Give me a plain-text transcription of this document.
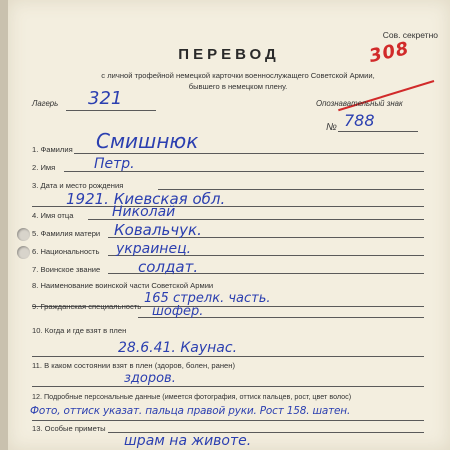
Сов. секретно
308
ПЕРЕВОД
с личной трофейной немецкой карточки военнослужащего Советской Армии,
бывшего в немецком плену.
Лагерь 321	Опознавательный знак
№ 788
1. Фамилия Смишнюк
2. Имя	Петр.
3. Дата и место рождения
1921. Киевская обл.
4. Имя отца	Николай
5. Фамилия матери Ковальчук.
6. Национальность украинец.
7. Воинское звание	солдат.
8. Наименование воинской части Советской Армии
165 стрелк. часть.
9. Гражданская специальность шофер.
10. Когда и где взят в плен
28.6.41. Каунас.
11. В каком состоянии взят в плен (здоров, болен, ранен)
здоров.
12. Подробные персональные данные (имеется фотография, оттиск пальцев, рост, цвет волос)
Фото, оттиск указат. пальца правой руки. Рост 158. шатен.
13. Особые приметы
шрам на животе.
